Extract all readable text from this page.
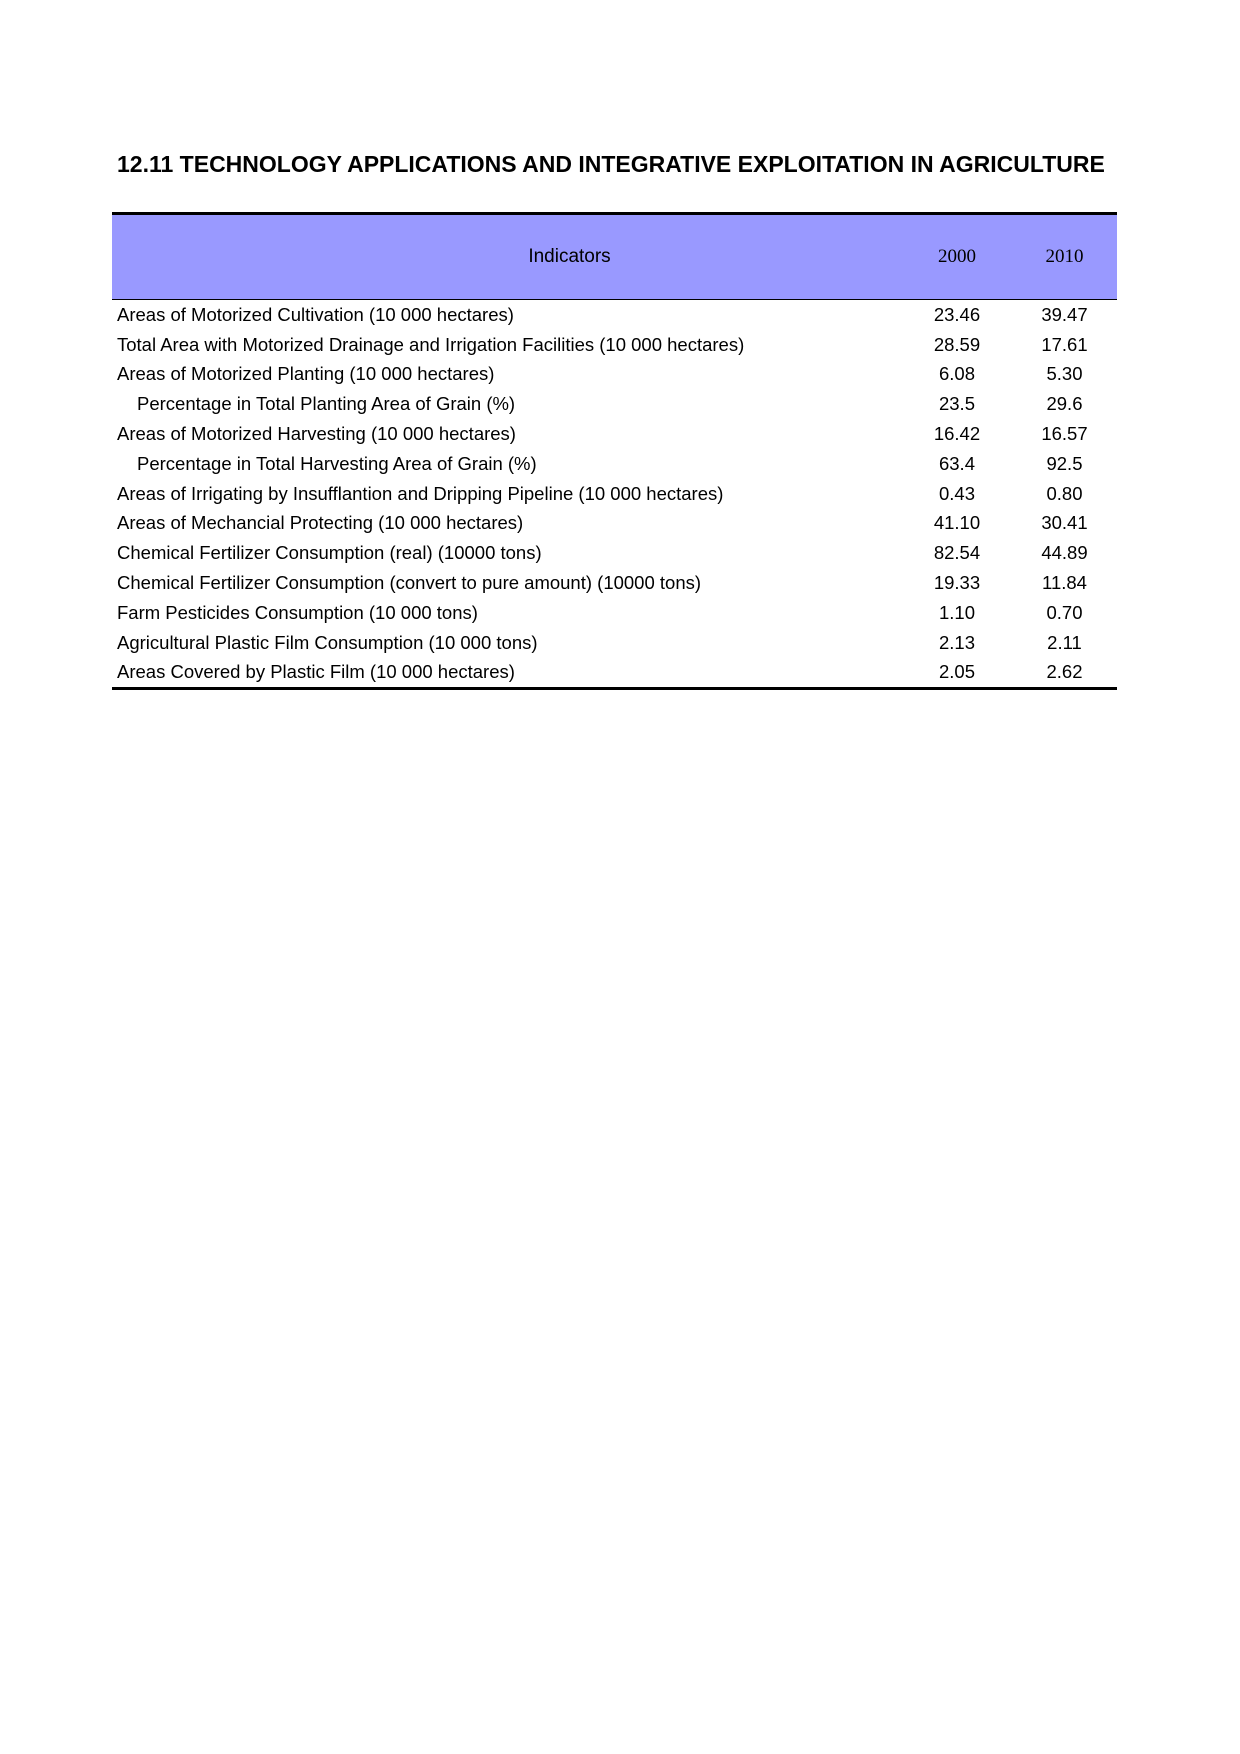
12.11 TECHNOLOGY APPLICATIONS AND INTEGRATIVE EXPLOITATION IN AGRICULTURE
Indicators	2000	2010
Areas of Motorized Cultivation (10 000 hectares)	23.46	39.47
Total Area with Motorized Drainage and Irrigation Facilities (10 000 hectares)	28.59	17.61
Areas of Motorized Planting (10 000 hectares)	6.08	5.30
Percentage in Total Planting Area of Grain (%)	23.5	29.6
Areas of Motorized Harvesting (10 000 hectares)	16.42	16.57
Percentage in Total Harvesting Area of Grain (%)	63.4	92.5
Areas of Irrigating by Insufflantion and Dripping Pipeline (10 000 hectares)	0.43	0.80
Areas of Mechancial Protecting (10 000 hectares)	41.10	30.41
Chemical Fertilizer Consumption (real) (10000 tons)	82.54	44.89
Chemical Fertilizer Consumption (convert to pure amount) (10000 tons)	19.33	11.84
Farm Pesticides Consumption (10 000 tons)	1.10	0.70
Agricultural Plastic Film Consumption (10 000 tons)	2.13	2.11
Areas Covered by Plastic Film (10 000 hectares)	2.05	2.62
